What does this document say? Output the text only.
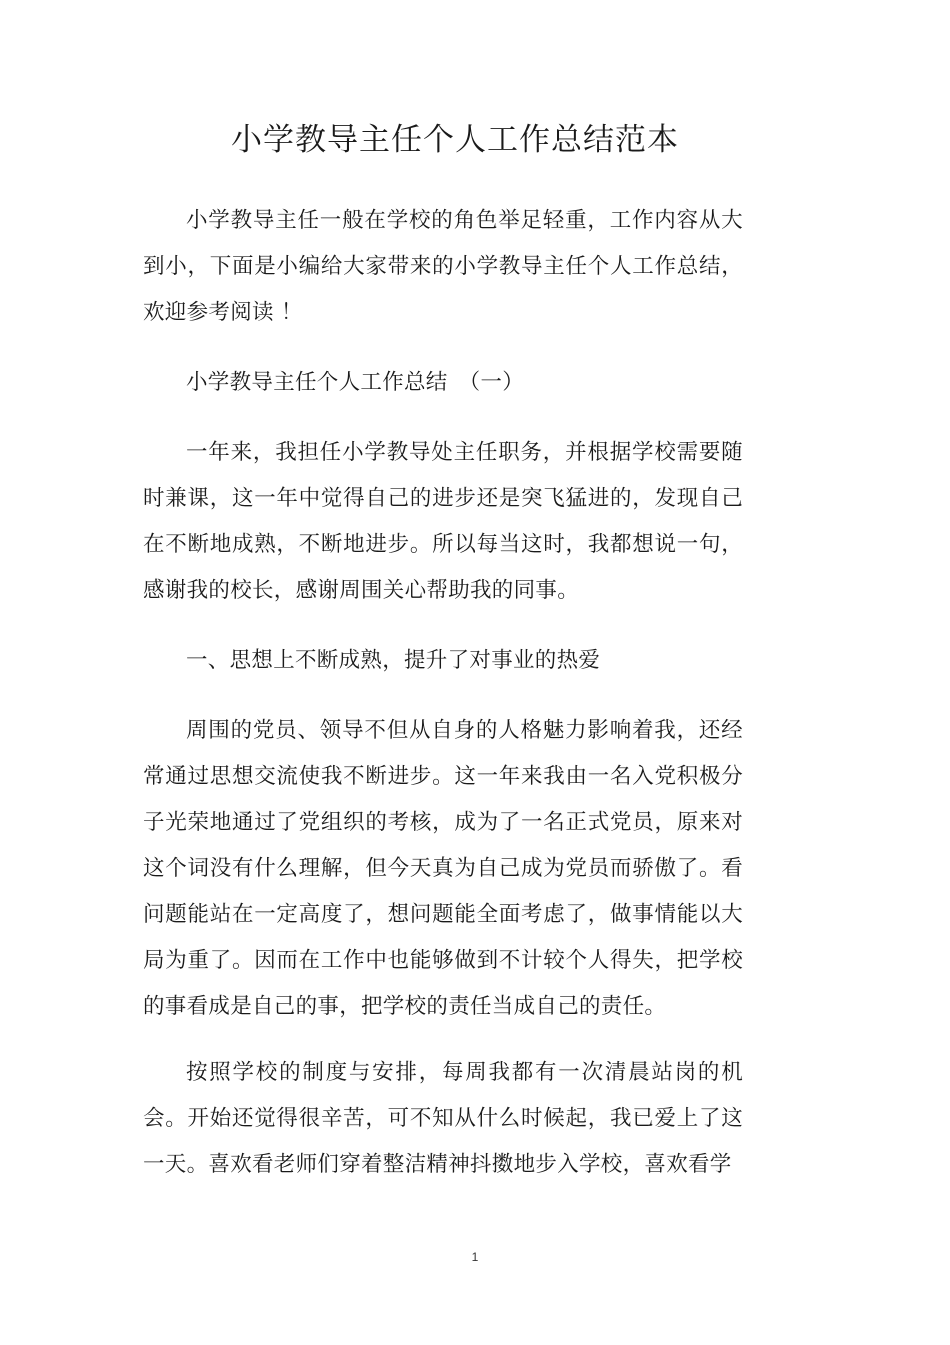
小学教导主任个人工作总结范本

小学教导主任一般在学校的角色举足轻重，工作内容从大到小，下面是小编给大家带来的小学教导主任个人工作总结，欢迎参考阅读 ！

小学教导主任个人工作总结　（一）

一年来，我担任小学教导处主任职务，并根据学校需要随时兼课，这一年中觉得自己的进步还是突飞猛进的，发现自己在不断地成熟，不断地进步。所以每当这时，我都想说一句，感谢我的校长，感谢周围关心帮助我的同事。

一、思想上不断成熟，提升了对事业的热爱

周围的党员、领导不但从自身的人格魅力影响着我，还经常通过思想交流使我不断进步。这一年来我由一名入党积极分子光荣地通过了党组织的考核，成为了一名正式党员，原来对这个词没有什么理解，但今天真为自己成为党员而骄傲了。看问题能站在一定高度了，想问题能全面考虑了，做事情能以大局为重了。因而在工作中也能够做到不计较个人得失，把学校的事看成是自己的事，把学校的责任当成自己的责任。

按照学校的制度与安排，每周我都有一次清晨站岗的机会。开始还觉得很辛苦，可不知从什么时候起，我已爱上了这一天。喜欢看老师们穿着整洁精神抖擞地步入学校，喜欢看学

1
